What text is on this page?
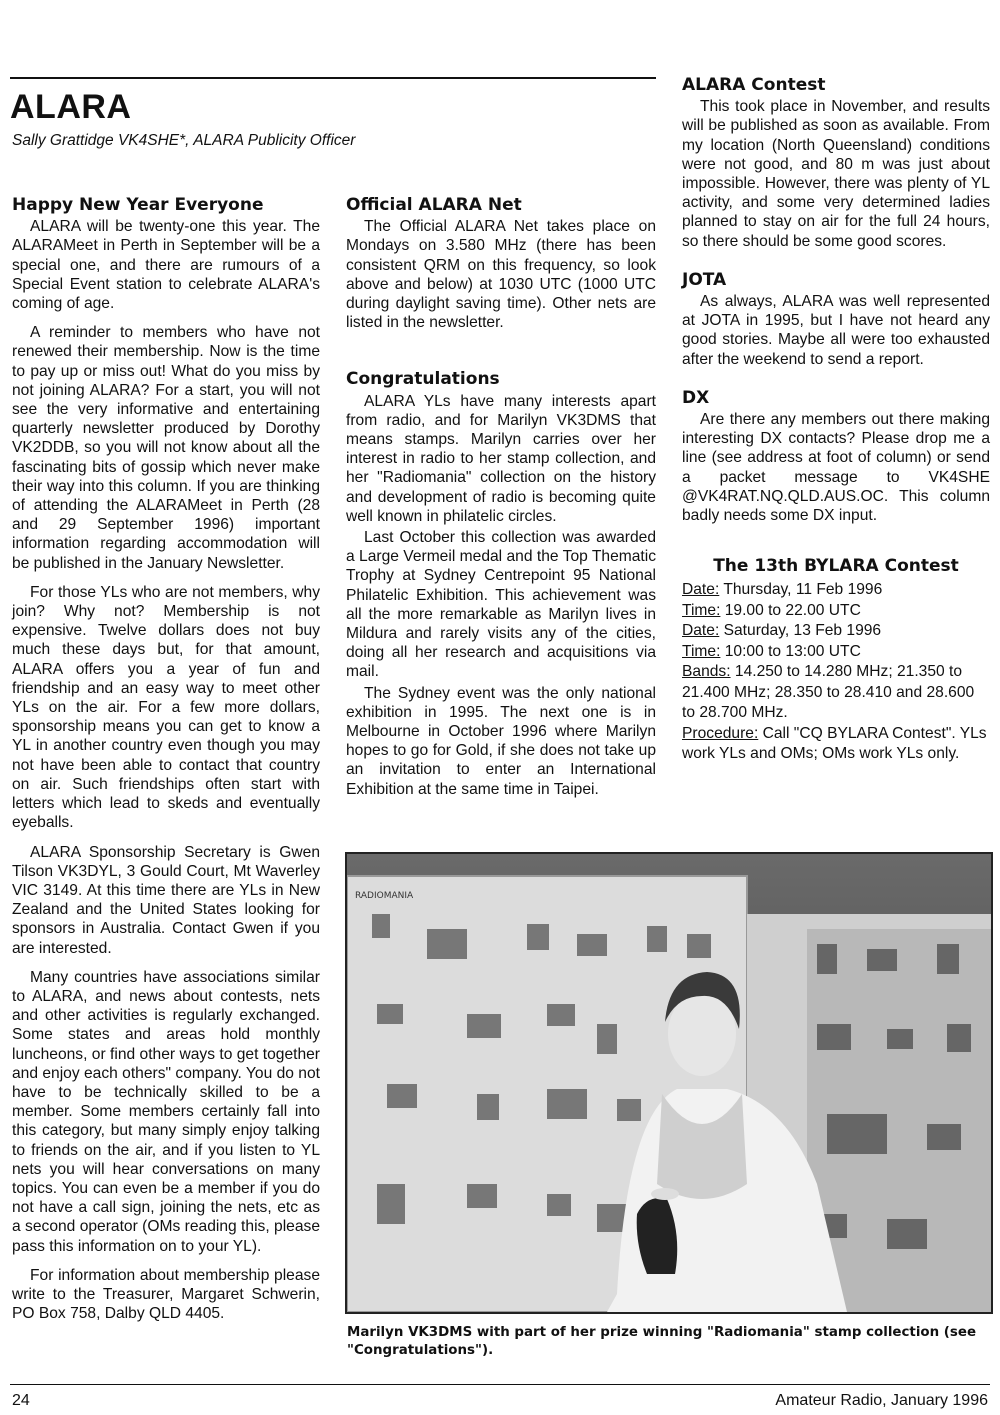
ALARA
Sally Grattidge VK4SHE*, ALARA Publicity Officer
Happy New Year Everyone

ALARA will be twenty-one this year. The ALARAMeet in Perth in September will be a special one, and there are rumours of a Special Event station to celebrate ALARA's coming of age.

A reminder to members who have not renewed their membership. Now is the time to pay up or miss out! What do you miss by not joining ALARA? For a start, you will not see the very informative and entertaining quarterly newsletter produced by Dorothy VK2DDB, so you will not know about all the fascinating bits of gossip which never make their way into this column. If you are thinking of attending the ALARAMeet in Perth (28 and 29 September 1996) important information regarding accommodation will be published in the January Newsletter.

For those YLs who are not members, why join? Why not? Membership is not expensive. Twelve dollars does not buy much these days but, for that amount, ALARA offers you a year of fun and friendship and an easy way to meet other YLs on the air. For a few more dollars, sponsorship means you can get to know a YL in another country even though you may not have been able to contact that country on air. Such friendships often start with letters which lead to skeds and eventually eyeballs.

ALARA Sponsorship Secretary is Gwen Tilson VK3DYL, 3 Gould Court, Mt Waverley VIC 3149. At this time there are YLs in New Zealand and the United States looking for sponsors in Australia. Contact Gwen if you are interested.

Many countries have associations similar to ALARA, and news about contests, nets and other activities is regularly exchanged. Some states and areas hold monthly luncheons, or find other ways to get together and enjoy each others" company. You do not have to be technically skilled to be a member. Some members certainly fall into this category, but many simply enjoy talking to friends on the air, and if you listen to YL nets you will hear conversations on many topics. You can even be a member if you do not have a call sign, joining the nets, etc as a second operator (OMs reading this, please pass this information on to your YL).

For information about membership please write to the Treasurer, Margaret Schwerin, PO Box 758, Dalby QLD 4405.

Official ALARA Net

The Official ALARA Net takes place on Mondays on 3.580 MHz (there has been consistent QRM on this frequency, so look above and below) at 1030 UTC (1000 UTC during daylight saving time). Other nets are listed in the newsletter.

Congratulations

ALARA YLs have many interests apart from radio, and for Marilyn VK3DMS that means stamps. Marilyn carries over her interest in radio to her stamp collection, and her "Radiomania" collection on the history and development of radio is becoming quite well known in philatelic circles.

Last October this collection was awarded a Large Vermeil medal and the Top Thematic Trophy at Sydney Centrepoint 95 National Philatelic Exhibition. This achievement was all the more remarkable as Marilyn lives in Mildura and rarely visits any of the cities, doing all her research and acquisitions via mail.

The Sydney event was the only national exhibition in 1995. The next one is in Melbourne in October 1996 where Marilyn hopes to go for Gold, if she does not take up an invitation to enter an International Exhibition at the same time in Taipei.

ALARA Contest

This took place in November, and results will be published as soon as available. From my location (North Queensland) conditions were not good, and 80 m was just about impossible. However, there was plenty of YL activity, and some very determined ladies planned to stay on air for the full 24 hours, so there should be some good scores.

JOTA

As always, ALARA was well represented at JOTA in 1995, but I have not heard any good stories. Maybe all were too exhausted after the weekend to send a report.

DX

Are there any members out there making interesting DX contacts? Please drop me a line (see address at foot of column) or send a packet message to VK4SHE @VK4RAT.NQ.QLD.AUS.OC. This column badly needs some DX input.

The 13th BYLARA Contest
Date: Thursday, 11 Feb 1996
Time: 19.00 to 22.00 UTC
Date: Saturday, 13 Feb 1996
Time: 10:00 to 13:00 UTC
Bands: 14.250 to 14.280 MHz; 21.350 to 21.400 MHz; 28.350 to 28.410 and 28.600 to 28.700 MHz.
Procedure: Call "CQ BYLARA Contest". YLs work YLs and OMs; OMs work YLs only.
RADIOMANIA
Marilyn VK3DMS with part of her prize winning "Radiomania" stamp collection (see "Congratulations").
24	Amateur Radio, January 1996
